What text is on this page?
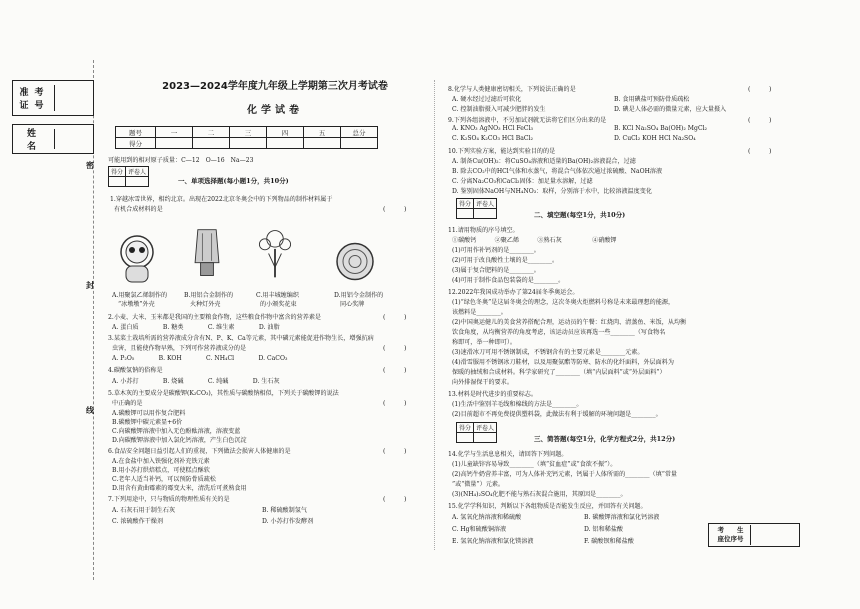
准考证号
姓　　名
密
封
线
2023—2024学年度九年级上学期第三次月考试卷
化学试卷
题号	一	二	三	四	五	总分
得分						
可能用到的相对原子质量：C—12　O—16　Na—23
得分	评卷人

一、单项选择题(每小题1分，共10分)
1.穿越冰雪世界，相约北京。出现在2022北京冬奥会中的下列物品的制作材料属于
有机合成材料的是	(　　　)
A.用聚氯乙烯制作的
“冰墩墩”外壳
B.用铝合金制作的
火种灯外壳
C.用丰城缠编织
的小颁奖花束
D.用铝令金制作的
同心奖牌
2.小麦、大米、玉米都是我国的主要粮食作物，这些粮食作物中富含的营养素是	(　　　)
A. 蛋白质　　　　B. 糖类　　　　C. 维生素　　　　D. 油脂
3.某菜土栽培所需的营养液成分含有N、P、K、Ca等元素，其中磷元素能促进作物生长，增强抗病
虫害，且能使作物早熟，下列可作营养液成分的是	(　　　)
A. P₂O₅　　　　B. KOH　　　　C. NH₄Cl　　　　D. CaCO₃
4.碳酸氢钠的俗称是	(　　　)
A. 小苏打　　　　B. 烧碱　　　　C. 纯碱　　　　D. 生石灰
5.草木灰的主要成分是碳酸钾(K₂CO₃)，其性质与碳酸钠相似，下列关于碳酸钾的说法
中正确的是	(　　　)
A.碳酸钾可以用作复合肥料
B.碳酸钾中碳元素显+6价
C.向碳酸钾溶液中加入无色酚酞溶液，溶液变蓝
D.向碳酸钾溶液中加入氯化钙溶液，产生白色沉淀
6.食品安全问题日益引起人们的重视，下列做法会损害人体健康的是	(　　　)
A.在食盐中加入铁强化剂补充铁元素
B.用小苏打烘焙糕点，可使糕点酥软
C.老年人适当补钙，可以预防骨质疏松
D.用含有黄曲霉素的霉变大米，清洗后可煮熟食用
7.下列用途中，只与物质的物理性质有关的是	(　　　)
A. 石灰石用于制生石灰	B. 稀硫酸制氢气
C. 浓硫酸作干燥剂	D. 小苏打作发酵剂
8.化学与人类健康密切相关，下列说法正确的是	(　　　)
A. 硬水经过过滤后可软化	B. 食用碘盐可预防骨质疏松
C. 控制油脂摄入可减少肥胖的发生	D. 碘是人体必需的微量元素，应大量摄入
9.下列各组溶液中，不另加试剂就无法将它们区分出来的是	(　　　)
A. KNO₃ AgNO₃ HCl FeCl₃	B. KCl Na₂SO₄ Ba(OH)₂ MgCl₂
C. K₂SO₄ K₂CO₃ HCl BaCl₂	D. CuCl₂ KOH HCl Na₂SO₄
10.下列实验方案，能达到实验目的的是	(　　　)
A. 制备Cu(OH)₂：将CuSO₄溶液和适量的Ba(OH)₂溶液混合，过滤
B. 除去CO₂中的HCl气体和水蒸气，将混合气体依次通过浓硫酸、NaOH溶液
C. 分离Na₂CO₃和CaCl₂固体：加足量水溶解，过滤
D. 鉴别固体NaOH与NH₄NO₃：取样，分别溶于水中，比较溶液温度变化
得分	评卷人

二、填空题(每空1分，共10分)
11.请用物质的序号填空。
①碳酸钙　　　②聚乙烯　　　③熟石灰　　　　　④硝酸钾
(1)可用作补钙剂的是________。
(2)可用于改良酸性土壤的是________。
(3)属于复合肥料的是________。
(4)可用于制作食品包装袋的是________。
12.2022年我国成功举办了第24届冬季奥运会。
(1)“绿色冬奥”是这届冬奥会的理念，这次冬奥火炬燃料号称是未来最理想的能源，
该燃料是________。
(2)中国奥运健儿的美食营养搭配合理，运动员的午餐：红烧肉、清蒸鱼、米饭，从均衡
饮食角度，从均衡营养的角度考虑，该运动员应该再选一些________（写食物名
称即可，举一种即可）。
(3)速滑冰刀可用不锈钢制成，不锈钢含有的主要元素是________元素。
(4)滑雪服用不锈钢冰刀鞋材，以及用聚氨酯等防寒、防水的化纤面料，外层面料为
保暖的抽绒和合成材料。科学家研究了________（填“内层面料”或“外层面料”）
向外排湿保干的要求。
13.材料是时代进步的重要标志。
(1)生活中鉴别羊毛线和棉线的方法是________。
(2)目前超市不再免费提供塑料袋，此做法有利于缓解的环境问题是________。
得分	评卷人

三、简答题(每空1分，化学方程式2分，共12分)
14.化学与生活息息相关，请回答下列问题。
(1)儿童缺锌容易导致________（填“贫血症”或“食欲不振”）。
(2)高钙牛奶营养丰富，可为人体补充钙元素，钙属于人体所需的________（填“常量
”或“微量”）元素。
(3)(NH₄)₂SO₄化肥不能与熟石灰混合施用，其原因是________。
15.化学学科知识，判断以下各组物质是否能发生反应，并回答有关问题。
A. 氢氧化钠溶液和稀硫酸	B. 碳酸钾溶液和氯化钙溶液
C. Hg和硫酸铜溶液	D. 铝和稀盐酸
E. 氢氧化钠溶液和氯化镁溶液	F. 碳酸钡和稀盐酸
考　　生
座位序号
